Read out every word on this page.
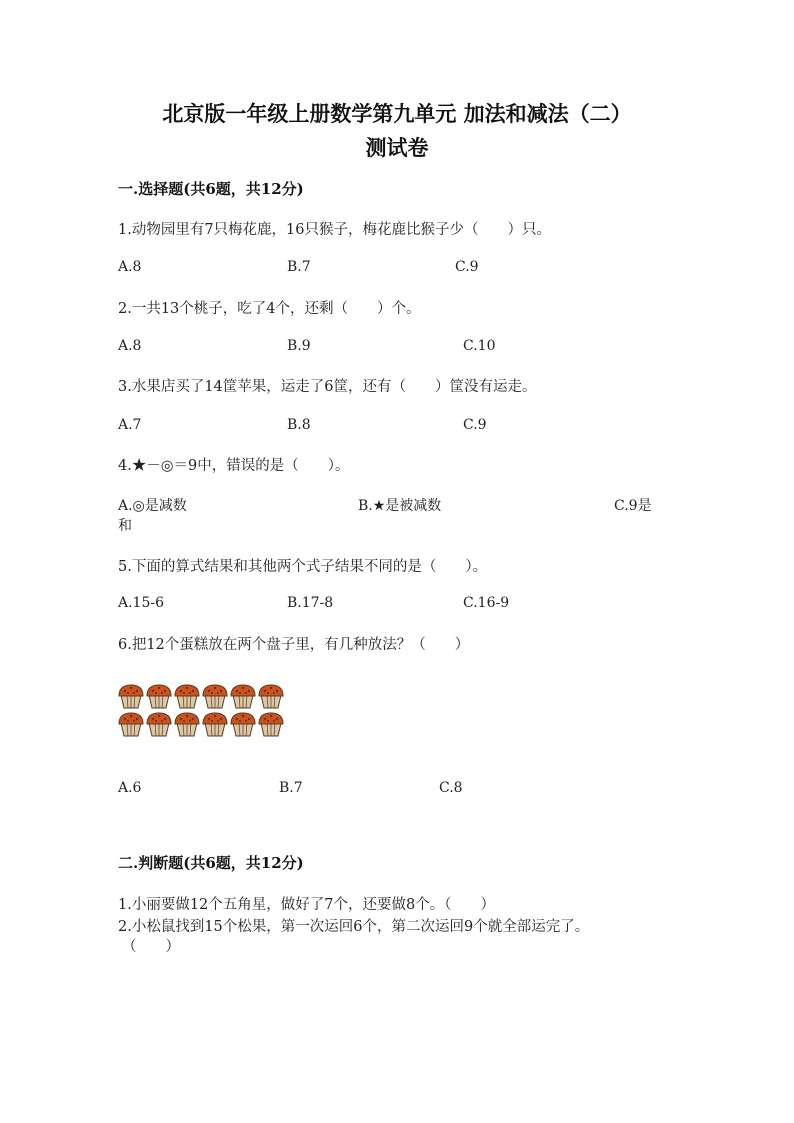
北京版一年级上册数学第九单元 加法和减法（二）
测试卷
一.选择题(共6题，共12分)
1.动物园里有7只梅花鹿，16只猴子，梅花鹿比猴子少（　　）只。
A.8	B.7	C.9
2.一共13个桃子，吃了4个，还剩（　　）个。
A.8	B.9	C.10
3.水果店买了14筐苹果，运走了6筐，还有（　　）筐没有运走。
A.7	B.8	C.9
4.★－◎＝9中，错误的是（　　）。
A.◎是减数	B.★是被减数	C.9是
和
5.下面的算式结果和其他两个式子结果不同的是（　　）。
A.15-6	B.17-8	C.16-9
6.把12个蛋糕放在两个盘子里，有几种放法？（　　）
A.6	B.7	C.8
二.判断题(共6题，共12分)
1.小丽要做12个五角星，做好了7个，还要做8个。（　　）
2.小松鼠找到15个松果，第一次运回6个，第二次运回9个就全部运完了。
（　　）
